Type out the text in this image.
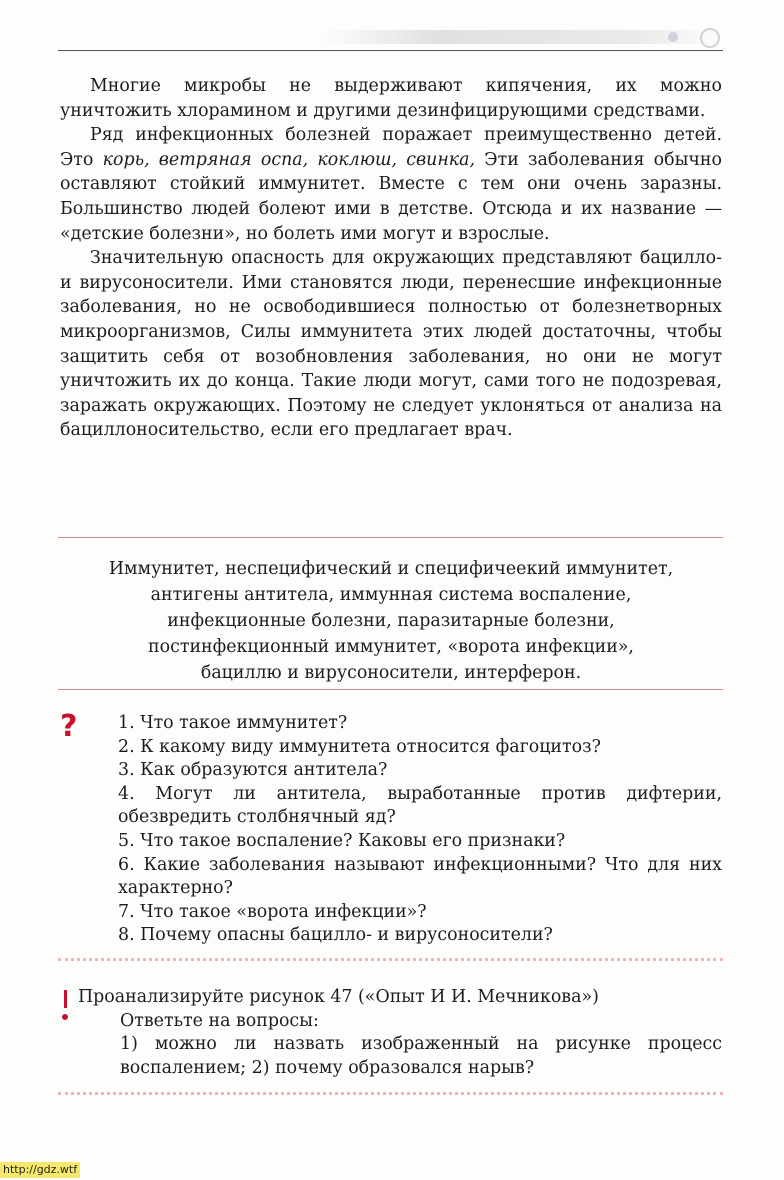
Многие микробы не выдерживают кипячения, их можно уничтожить хлорамином и другими дезинфицирующими средствами.

Ряд инфекционных болезней поражает преимущественно детей. Это корь, ветряная оспа, коклюш, свинка, Эти заболевания обычно оставляют стойкий иммунитет. Вместе с тем они очень заразны. Большинство людей болеют ими в детстве. Отсюда и их название — «детские болезни», но болеть ими могут и взрослые.

Значительную опасность для окружающих представляют бацилло- и вирусоносители. Ими становятся люди, перенесшие инфекционные заболевания, но не освободившиеся полностью от болезнетворных микроорганизмов, Силы иммунитета этих людей достаточны, чтобы защитить себя от возобновления заболевания, но они не могут уничтожить их до конца. Такие люди могут, сами того не подозревая, заражать окружающих. Поэтому не следует уклоняться от анализа на бациллоносительство, если его предлагает врач.

Иммунитет, неспецифический и специфичеекий иммунитет,
антигены антитела, иммунная система воспаление,
инфекционные болезни, паразитарные болезни,
постинфекционный иммунитет, «ворота инфекции»,
бациллю и вирусоносители, интерферон.
? 1. Что такое иммунитет?
2. К какому виду иммунитета относится фагоцитоз?
3. Как образуются антитела?
4. Могут ли антитела, выработанные против дифтерии, обезвредить столбнячный яд?
5. Что такое воспаление? Каковы его признаки?
6. Какие заболевания называют инфекционными? Что для них характерно?
7. Что такое «ворота инфекции»?
8. Почему опасны бацилло- и вирусоносители?
Проанализируйте рисунок 47 («Опыт И И. Мечникова»)
Ответьте на вопросы:
1) можно ли назвать изображенный на рисунке процесс воспалением; 2) почему образовался нарыв?
http://gdz.wtf
